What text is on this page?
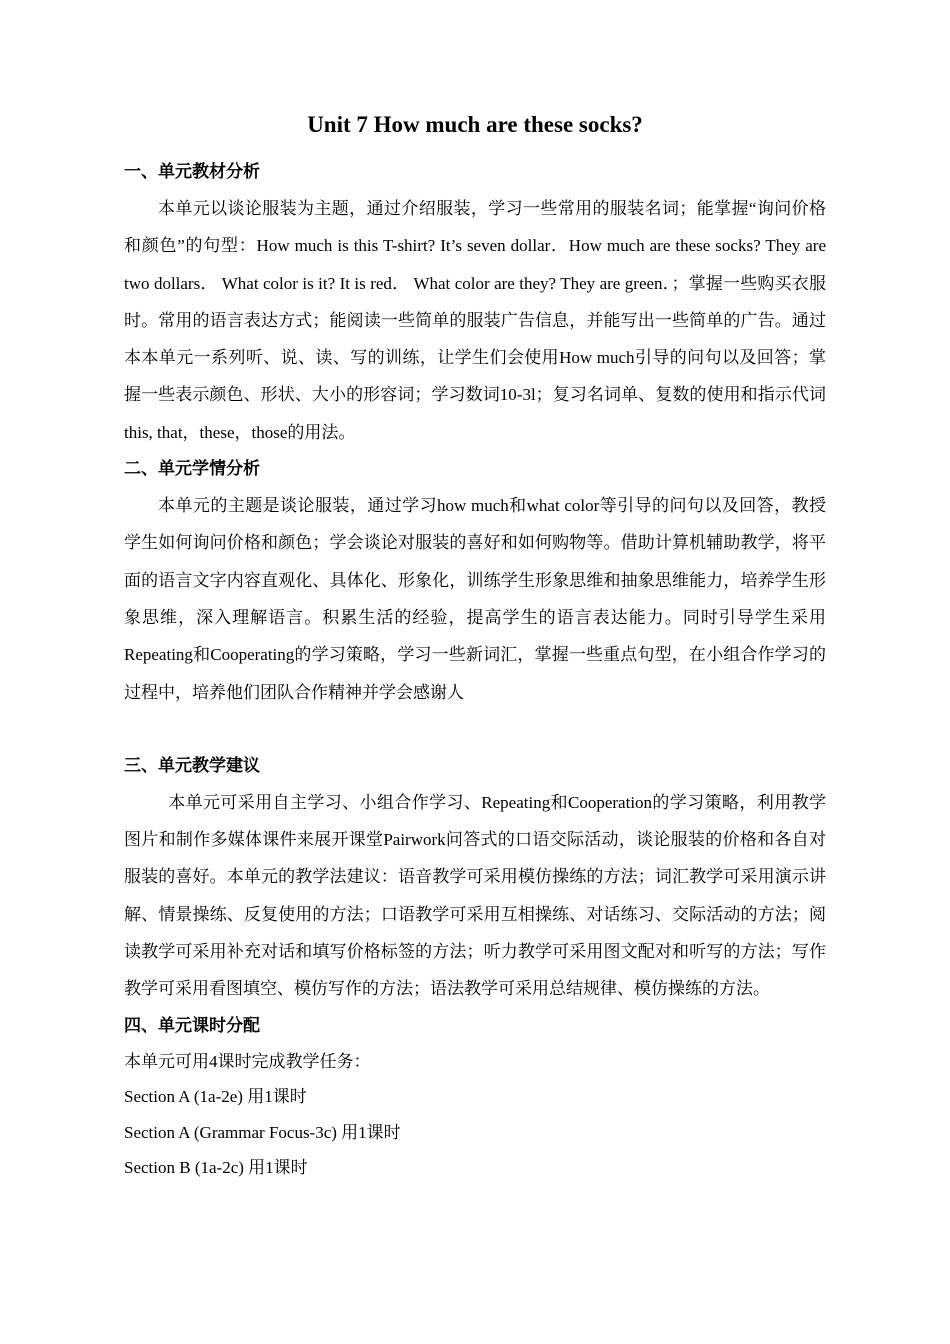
Unit 7 How much are these socks?
一、单元教材分析

本单元以谈论服装为主题，通过介绍服装，学习一些常用的服装名词；能掌握“询问价格和颜色”的句型：How much is this T-shirt? It’s seven dollar．How much are these socks? They are two dollars． What color is it? It is red． What color are they? They are green．；掌握一些购买衣服时。常用的语言表达方式；能阅读一些简单的服装广告信息，并能写出一些简单的广告。通过本本单元一系列听、说、读、写的训练，让学生们会使用How much引导的问句以及回答；掌握一些表示颜色、形状、大小的形容词；学习数词10-3l；复习名词单、复数的使用和指示代词this, that，these，those的用法。

二、单元学情分析

本单元的主题是谈论服装，通过学习how much和what color等引导的问句以及回答，教授学生如何询问价格和颜色；学会谈论对服装的喜好和如何购物等。借助计算机辅助教学，将平面的语言文字内容直观化、具体化、形象化，训练学生形象思维和抽象思维能力，培养学生形象思维，深入理解语言。积累生活的经验，提高学生的语言表达能力。同时引导学生采用Repeating和Cooperating的学习策略，学习一些新词汇，掌握一些重点句型，在小组合作学习的过程中，培养他们团队合作精神并学会感谢人

三、单元教学建议

本单元可采用自主学习、小组合作学习、Repeating和Cooperation的学习策略，利用教学图片和制作多媒体课件来展开课堂Pairwork问答式的口语交际活动，谈论服装的价格和各自对服装的喜好。本单元的教学法建议：语音教学可采用模仿操练的方法；词汇教学可采用演示讲解、情景操练、反复使用的方法；口语教学可采用互相操练、对话练习、交际活动的方法；阅读教学可采用补充对话和填写价格标签的方法；听力教学可采用图文配对和听写的方法；写作教学可采用看图填空、模仿写作的方法；语法教学可采用总结规律、模仿操练的方法。

四、单元课时分配

本单元可用4课时完成教学任务：

Section A (1a-2e) 用1课时

Section A (Grammar Focus-3c) 用1课时

Section B (1a-2c) 用1课时
